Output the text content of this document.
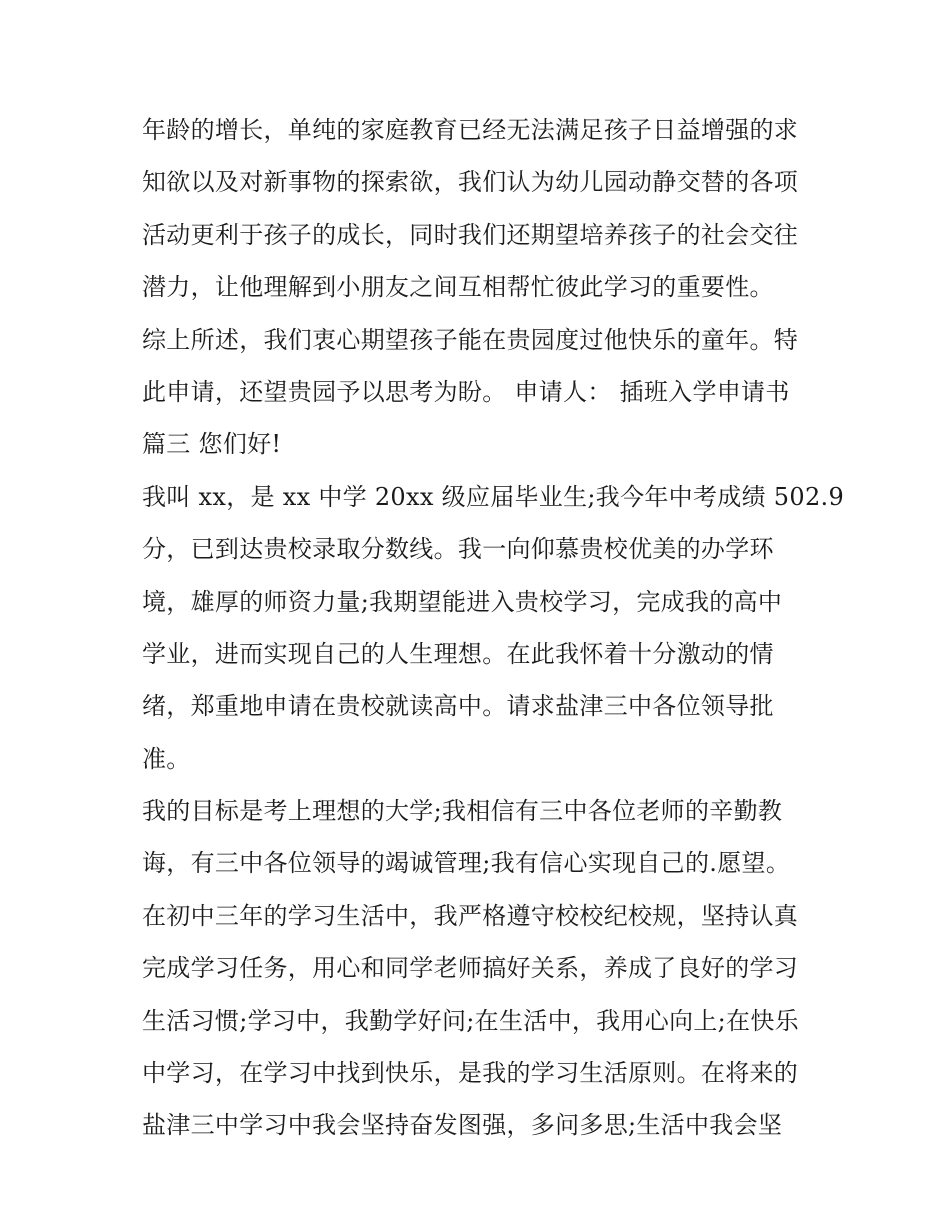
年龄的增长，单纯的家庭教育已经无法满足孩子日益增强的求
知欲以及对新事物的探索欲，我们认为幼儿园动静交替的各项
活动更利于孩子的成长，同时我们还期望培养孩子的社会交往
潜力，让他理解到小朋友之间互相帮忙彼此学习的重要性。
综上所述，我们衷心期望孩子能在贵园度过他快乐的童年。特
此申请，还望贵园予以思考为盼。 申请人： 插班入学申请书
篇三 您们好!
我叫 xx，是 xx 中学 20xx 级应届毕业生;我今年中考成绩 502.9
分，已到达贵校录取分数线。我一向仰慕贵校优美的办学环
境，雄厚的师资力量;我期望能进入贵校学习，完成我的高中
学业，进而实现自己的人生理想。在此我怀着十分激动的情
绪，郑重地申请在贵校就读高中。请求盐津三中各位领导批
准。
我的目标是考上理想的大学;我相信有三中各位老师的辛勤教
诲，有三中各位领导的竭诚管理;我有信心实现自己的.愿望。
在初中三年的学习生活中，我严格遵守校校纪校规，坚持认真
完成学习任务，用心和同学老师搞好关系，养成了良好的学习
生活习惯;学习中，我勤学好问;在生活中，我用心向上;在快乐
中学习，在学习中找到快乐，是我的学习生活原则。在将来的
盐津三中学习中我会坚持奋发图强，多问多思;生活中我会坚
